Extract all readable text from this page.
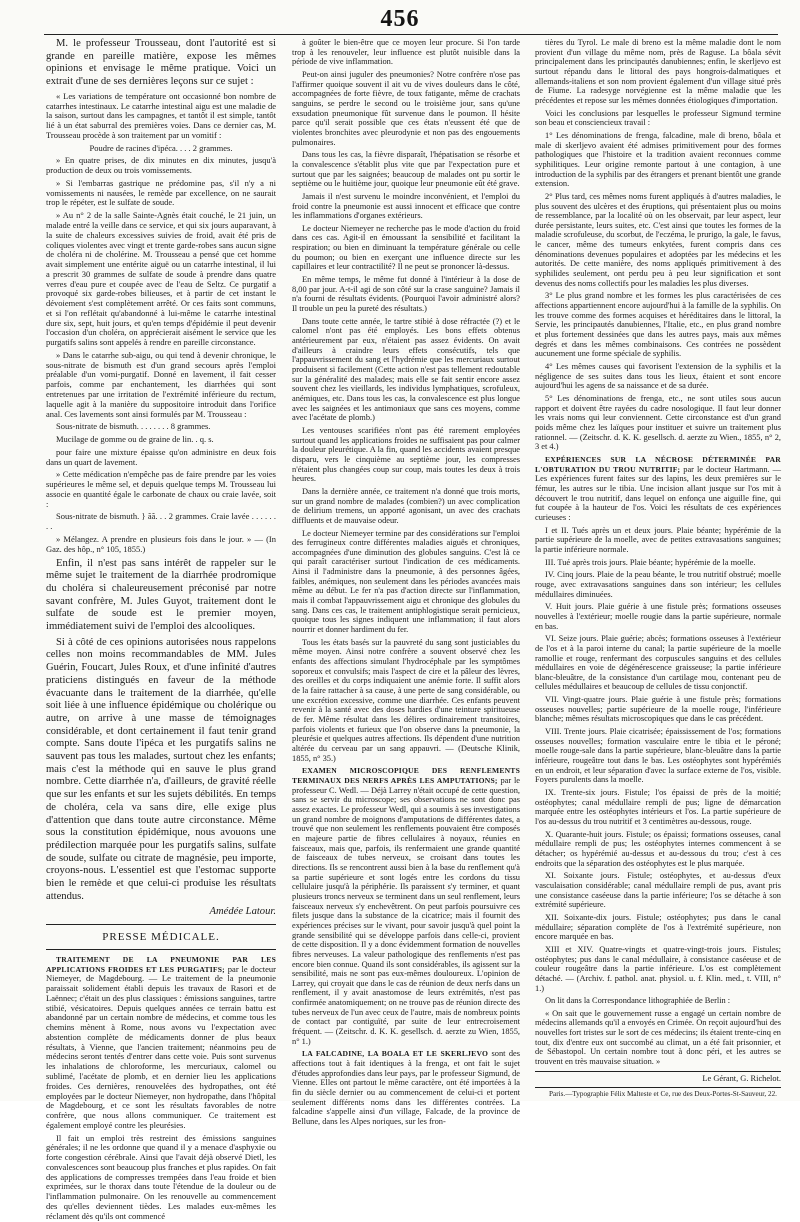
456

M. le professeur Trousseau, dont l'autorité est si grande en pareille matière, expose les mêmes opinions et envisage le même pratique. Voici un extrait d'une de ses dernières leçons sur ce sujet :

« Les variations de température ont occasionné bon nombre de catarrhes intestinaux. Le catarrhe intestinal aigu est une maladie de la saison, surtout dans les campagnes, et tantôt il est simple, tantôt lié à un état saburral des premières voies. Dans ce dernier cas, M. Trousseau procède à son traitement par un vomitif :

Poudre de racines d'ipéca. . . . 2 grammes.

» En quatre prises, de dix minutes en dix minutes, jusqu'à production de deux ou trois vomissements.

» Si l'embarras gastrique ne prédomine pas, s'il n'y a ni vomissements ni nausées, le remède par excellence, on ne saurait trop le répéter, est le sulfate de soude.

» Au n° 2 de la salle Sainte-Agnès était couché, le 21 juin, un malade entré la veille dans ce service, et qui six jours auparavant, à la suite de chaleurs excessives suivies de froid, avait été pris de coliques violentes avec vingt et trente garde-robes sans aucun signe de choléra ni de cholérine. M. Trousseau a pensé que cet homme avait simplement une entérite aiguë ou un catarrhe intestinal, il lui a prescrit 30 grammes de sulfate de soude à prendre dans quatre verres d'eau pure et coupée avec de l'eau de Seltz. Ce purgatif a provoqué six garde-robes bilieuses, et à partir de cet instant le dévoiement s'est complètement arrêté. Or ces faits sont communs, et si l'on reflétait qu'abandonné à lui-même le catarrhe intestinal dure six, sept, huit jours, et qu'en temps d'épidémie il peut devenir l'occasion d'un choléra, on apprécierait aisément le service que les purgatifs salins sont appelés à rendre en pareille circonstance.

» Dans le catarrhe sub-aigu, ou qui tend à devenir chronique, le sous-nitrate de bismuth est d'un grand secours après l'emploi préalable d'un vomi-purgatif. Donné en lavement, il fait cesser parfois, comme par enchantement, les diarrhées qui sont entretenues par une irritation de l'extrémité inférieure du rectum, laquelle agit à la manière du suppositoire introduit dans l'orifice anal. Ces lavements sont ainsi formulés par M. Trousseau :

Sous-nitrate de bismuth. . . . . . . . 8 grammes.

Mucilage de gomme ou de graine de lin. . q. s.

pour faire une mixture épaisse qu'on administre en deux fois dans un quart de lavement.

» Cette médication n'empêche pas de faire prendre par les voies supérieures le même sel, et depuis quelque temps M. Trousseau lui associe en quantité égale le carbonate de chaux ou craie lavée, soit :

Sous-nitrate de bismuth. } ãã. . . 2 grammes. Craie lavée . . . . . . . .

» Mélangez. A prendre en plusieurs fois dans le jour. » — (In Gaz. des hôp., n° 105, 1855.)

Enfin, il n'est pas sans intérêt de rappeler sur le même sujet le traitement de la diarrhée prodromique du choléra si chaleureusement préconisé par notre savant confrère, M. Jules Guyot, traitement dont le sulfate de soude est le premier moyen, immédiatement suivi de l'emploi des alcooliques.

Si à côté de ces opinions autorisées nous rappelons celles non moins recommandables de MM. Jules Guérin, Foucart, Jules Roux, et d'une infinité d'autres praticiens distingués en faveur de la méthode évacuante dans le traitement de la diarrhée, qu'elle soit liée à une influence épidémique ou cholérique ou autre, on arrive à une masse de témoignages considérable, et dont certainement il faut tenir grand compte. Sans doute l'ipéca et les purgatifs salins ne sauvent pas tous les malades, surtout chez les enfants; mais c'est la méthode qui en sauve le plus grand nombre. Cette diarrhée n'a, d'ailleurs, de gravité réelle que sur les enfants et sur les sujets débilités. En temps de choléra, cela va sans dire, elle exige plus d'attention que dans toute autre circonstance. Même sous la constitution épidémique, nous avouons une prédilection marquée pour les purgatifs salins, sulfate de soude, sulfate ou citrate de magnésie, peu importe, croyons-nous. L'essentiel est que l'estomac supporte bien le remède et que celui-ci produise les résultats attendus.

Amédée Latour.

PRESSE MÉDICALE.

TRAITEMENT DE LA PNEUMONIE PAR LES APPLICATIONS FROIDES ET LES PURGATIFS; par le docteur Niemeyer, de Magdebourg. — Le traitement de la pneumonie paraissait solidement établi depuis les travaux de Rasori et de Laënnec; c'était un des plus classiques : émissions sanguines, tartre stibié, vésicatoires. Depuis quelques années ce terrain battu est abandonné par un certain nombre de médecins, et comme tous les chemins mènent à Rome, nous avons vu l'expectation avec abstention complète de médicaments donner de plus beaux résultats, à Vienne, que l'ancien traitement; néanmoins peu de médecins seront tentés d'entrer dans cette voie. Puis sont survenus les inhalations de chloroforme, les mercuriaux, calomel ou sublimé, l'acétate de plomb, et en dernier lieu les applications froides. Ces dernières, renouvelées des hydropathes, ont été employées par le docteur Niemeyer, non hydropathe, dans l'hôpital de Magdebourg, et ce sont les résultats favorables de notre confrère, que nous allons communiquer. Ce traitement est également employé contre les pleurésies.

Il fait un emploi très restreint des émissions sanguines générales; il ne les ordonne que quand il y a menace d'asphyxie ou forte congestion cérébrale. Ainsi que l'avait déjà observé Dietl, les convalescences sont beaucoup plus franches et plus rapides. On fait des applications de compresses trempées dans l'eau froide et bien exprimées, sur le thorax dans toute l'étendue de la douleur ou de l'inflammation pulmonaire. On les renouvelle au commencement des qu'elles deviennent tièdes. Les malades eux-mêmes les réclament dès qu'ils ont commencé

à goûter le bien-être que ce moyen leur procure. Si l'on tarde trop à les renouveler, leur influence est plutôt nuisible dans la période de vive inflammation.

Peut-on ainsi juguler des pneumonies? Notre confrère n'ose pas l'affirmer quoique souvent il ait vu de vives douleurs dans le côté, accompagnées de forte fièvre, de toux fatigante, même de crachats sanguins, se perdre le second ou le troisième jour, sans qu'une exsudation pneumonique fût survenue dans le poumon. Il hésite parce qu'il serait possible que ces états n'eussent été que de violentes bronchites avec pleurodynie et non pas des engouements pulmonaires.

Dans tous les cas, la fièvre disparaît, l'hépatisation se résorbe et la convalescence s'établit plus vite que par l'expectation pure et surtout que par les saignées; beaucoup de malades ont pu sortir le septième ou le huitième jour, quoique leur pneumonie eût été grave.

Jamais il n'est survenu le moindre inconvénient, et l'emploi du froid contre la pneumonie est aussi innocent et efficace que contre les inflammations d'organes extérieurs.

Le docteur Niemeyer ne recherche pas le mode d'action du froid dans ces cas. Agit-il en émoussant la sensibilité et facilitant la respiration; ou bien en diminuant la température générale ou celle du poumon; ou bien en exerçant une influence directe sur les capillaires et leur contractilité? Il ne peut se prononcer là-dessus.

En même temps, le même fut donné à l'intérieur à la dose de 8,00 par jour. A-t-il agi de son côté sur la crase sanguine? Jamais il n'a fourni de résultats évidents. (Pourquoi l'avoir administré alors? Il trouble un peu la pureté des résultats.)

Dans toute cette année, le tartre stibié à dose réfractée (?) et le calomel n'ont pas été employés. Les bons effets obtenus antérieurement par eux, n'étaient pas assez évidents. On avait d'ailleurs à craindre leurs effets consécutifs, tels que l'appauvrissement du sang et l'hydrémie que les mercuriaux surtout produisent si facilement (Cette action n'est pas tellement redoutable sur la généralité des malades; mais elle se fait sentir encore assez souvent chez les vieillards, les individus lymphatiques, scrofuleux, anémiques, etc. Dans tous les cas, la convalescence est plus longue avec les saignées et les antimoniaux que sans ces moyens, comme avec l'acétate de plomb.)

Les ventouses scarifiées n'ont pas été rarement employées surtout quand les applications froides ne suffisaient pas pour calmer la douleur pleurétique. A la fin, quand les accidents avaient presque disparu, vers le cinquième au septième jour, les compresses n'étaient plus changées coup sur coup, mais toutes les deux à trois heures.

Dans la dernière année, ce traitement n'a donné que trois morts, sur un grand nombre de malades (combien?) un avec complication de delirium tremens, un apporté agonisant, un avec des crachats diffluents et de mauvaise odeur.

Le docteur Niemeyer termine par des considérations sur l'emploi des ferrugineux contre différentes maladies aiguës et chroniques, accompagnées d'une diminution des globules sanguins. C'est là ce qui paraît caractériser surtout l'indication de ces médicaments. Ainsi il l'administre dans la pneumonie, à des personnes âgées, faibles, anémiques, non seulement dans les périodes avancées mais même au début. Le fer n'a pas d'action directe sur l'inflammation, mais il combat l'appauvrissement aigu et chronique des globules du sang. Dans ces cas, le traitement antiphlogistique serait pernicieux, quoique tous les signes indiquent une inflammation; il faut alors nourrir et donner hardiment du fer.

Tous les états basés sur la pauvreté du sang sont justiciables du même moyen. Ainsi notre confrère a souvent observé chez les enfants des affections simulant l'hydrocéphale par les symptômes soporeux et convulsifs; mais l'aspect de cire et la pâleur des lèvres, des oreilles et du corps indiquaient une anémie forte. Il suffit alors de la faire rattacher à sa cause, à une perte de sang considérable, ou une excrétion excessive, comme une diarrhée. Ces enfants peuvent revenir à la santé avec des doses hardies d'une teinture spiritueuse de fer. Même résultat dans les délires ordinairement transitoires, parfois violents et furieux que l'on observe dans la pneumonie, la pleurésie et quelques autres affections. Ils dépendent d'une nutrition altérée du cerveau par un sang appauvri. — (Deutsche Klinik, 1855, n° 35.)

EXAMEN MICROSCOPIQUE DES RENFLEMENTS TERMINAUX DES NERFS APRÈS LES AMPUTATIONS; par le professeur C. Wedl. — Déjà Larrey n'était occupé de cette question, sans se servir du microscope; ses observations ne sont donc pas assez exactes. Le professeur Wedl, qui a soumis à ses investigations un grand nombre de moignons d'amputations de différentes dates, a trouvé que non seulement les renflements pouvaient être composés en majeure partie de fibres cellulaires à noyaux, réunies en faisceaux, mais que, parfois, ils renfermaient une grande quantité de faisceaux de tubes nerveux, se croisant dans toutes les directions. Ils se rencontrent aussi bien à la base du renflement qu'à sa partie supérieure et sont logés entre les cordons du tissu cellulaire jusqu'à la périphérie. Ils paraissent s'y terminer, et quant plusieurs troncs nerveux se terminent dans un seul renflement, leurs faisceaux nerveux s'y enchevêtrent. On peut parfois poursuivre ces filets jusque dans la substance de la cicatrice; mais il fournit des expériences précises sur le vivant, pour savoir jusqu'à quel point la grande sensibilité qui se développe parfois dans celle-ci, provient de cette disposition. Il y a donc évidemment formation de nouvelles fibres nerveuses. La valeur pathologique des renflements n'est pas encore bien connue. Quand ils sont considérables, ils agissent sur la sensibilité, mais ne sont pas eux-mêmes douloureux. L'opinion de Larrey, qui croyait que dans le cas de réunion de deux nerfs dans un renflement, il y avait anastomose de leurs extrémités, n'est pas confirmée anatomiquement; on ne trouve pas de réunion directe des tubes nerveux de l'un avec ceux de l'autre, mais de nombreux points de contact par contiguïté, par suite de leur entrecroisement fréquent. — (Zeitschr. d. K. K. gesellsch. d. aerzte zu Wien, 1855, n° 1.)

LA FALCADINE, LA BOALA ET LE SKERLJEVO sont des affections tout à fait identiques à la frenga, et ont fait le sujet d'études approfondies dans leur pays, par le professeur Sigmund, de Vienne. Elles ont partout le même caractère, ont été importées à la fin du siècle dernier ou au commencement de celui-ci et portent seulement différents noms dans les différentes contrées. La falcadine s'appelle ainsi d'un village, Falcade, de la province de Bellune, dans les Alpes noriques, sur les fron-

tières du Tyrol. Le male di breno est la même maladie dont le nom provient d'un village du même nom, près de Raguse. La bôala sévit principalement dans les principautés danubiennes; enfin, le skerljevo est surtout répandu dans le littoral des pays hongrois-dalmatiques et allemands-italiens et son nom provient également d'un village situé près de Fiume. La radesyge norvégienne est la même maladie que les précédentes et repose sur les mêmes données étiologiques d'importation.

Voici les conclusions par lesquelles le professeur Sigmund termine son beau et consciencieux travail :

1° Les dénominations de frenga, falcadine, male di breno, bôala et male di skerljevo avaient été admises primitivement pour des formes pathologiques que l'histoire et la tradition avaient reconnues comme syphilitiques. Leur origine remonte partout à une contagion, à une introduction de la syphilis par des étrangers et prenant bientôt une grande extension.

2° Plus tard, ces mêmes noms furent appliqués à d'autres maladies, le plus souvent des ulcères et des éruptions, qui présentaient plus ou moins de ressemblance, par la localité où on les observait, par leur aspect, leur durée persistante, leurs suites, etc. C'est ainsi que toutes les formes de la maladie scrofuleuse, du scorbut, de l'eczéma, le prurigo, la gale, le favus, le cancer, même des tumeurs enkytées, furent compris dans ces dénominations devenues populaires et adoptées par les médecins et les autorités. De cette manière, des noms appliqués primitivement à des syphilides seulement, ont perdu peu à peu leur signification et sont devenus des noms collectifs pour les maladies les plus diverses.

3° Le plus grand nombre et les formes les plus caractérisées de ces affections appartiennent encore aujourd'hui à la famille de la syphilis. On les trouve comme des formes acquises et héréditaires dans le littoral, la Servie, les principautés danubiennes, l'Italie, etc., en plus grand nombre et plus fortement dessinées que dans les autres pays, mais aux mêmes degrés et dans les mêmes combinaisons. Ces contrées ne possèdent aucunement une forme spéciale de syphilis.

4° Les mêmes causes qui favorisent l'extension de la syphilis et la négligence de ses suites dans tous les lieux, étaient et sont encore aujourd'hui les agens de sa naissance et de sa durée.

5° Les dénominations de frenga, etc., ne sont utiles sous aucun rapport et doivent être rayées du cadre nosologique. Il faut leur donner les vrais noms qui leur conviennent. Cette circonstance est d'un grand poids même chez les laïques pour instituer et suivre un traitement plus rationnel. — (Zeitschr. d. K. K. gesellsch. d. aerzte zu Wien., 1855, n° 2, 3 et 4.)

EXPÉRIENCES SUR LA NÉCROSE DÉTERMINÉE PAR L'OBTURATION DU TROU NUTRITIF; par le docteur Hartmann. — Les expériences furent faites sur des lapins, les deux premières sur le fémur, les autres sur le tibia. Une incision allant jusque sur l'os mit à découvert le trou nutritif, dans lequel on enfonça une aiguille fine, qui fut coupée à la hauteur de l'os. Voici les résultats de ces expériences curieuses :

I et II. Tués après un et deux jours. Plaie béante; hypérémie de la partie supérieure de la moelle, avec de petites extravasations sanguines; la partie inférieure normale.

III. Tué après trois jours. Plaie béante; hypérémie de la moelle.

IV. Cinq jours. Plaie de la peau béante, le trou nutritif obstrué; moelle rouge, avec extravasations sanguines dans son intérieur; les cellules médullaires diminuées.

V. Huit jours. Plaie guérie à une fistule près; formations osseuses nouvelles à l'extérieur; moelle rougie dans la partie supérieure, normale en bas.

VI. Seize jours. Plaie guérie; abcès; formations osseuses à l'extérieur de l'os et à la paroi interne du canal; la partie supérieure de la moelle ramollie et rouge, renfermant des corpuscules sanguins et des cellules médullaires en voie de dégénérescence graisseuse; la partie inférieure blanc-bleuâtre, de la consistance d'un cartilage mou, contenant peu de cellules médullaires et beaucoup de cellules de tissu conjonctif.

VII. Vingt-quatre jours. Plaie guérie à une fistule près; formations osseuses nouvelles; partie supérieure de la moelle rouge, l'inférieure blanche; mêmes résultats microscopiques que dans le cas précédent.

VIII. Trente jours. Plaie cicatrisée; épaississement de l'os; formations osseuses nouvelles; formation vasculaire entre le tibia et le péroné; moelle rouge-sale dans la partie supérieure, blanc-bleuâtre dans la partie inférieure, rougeâtre tout dans le bas. Les ostéophytes sont hypérémiés en un endroit, et leur séparation d'avec la surface externe de l'os, visible. Foyers purulents dans la moelle.

IX. Trente-six jours. Fistule; l'os épaissi de près de la moitié; ostéophytes; canal médullaire rempli de pus; ligne de démarcation marquée entre les ostéophytes intérieurs et l'os. La partie supérieure de l'os au-dessus du trou nutritif et 3 centimètres au-dessous, rouge.

X. Quarante-huit jours. Fistule; os épaissi; formations osseuses, canal médullaire rempli de pus; les ostéophytes internes commencent à se détacher; os hypérémié au-dessus et au-dessous du trou; c'est à ces endroits que la séparation des ostéophytes est le plus marquée.

XI. Soixante jours. Fistule; ostéophytes, et au-dessus d'eux vasculaisation considérable; canal médullaire rempli de pus, avant pris une consistance caséeuse dans la partie inférieure; l'os se détache à son extrémité supérieure.

XII. Soixante-dix jours. Fistule; ostéophytes; pus dans le canal médullaire; séparation complète de l'os à l'extrémité supérieure, non encore marquée en bas.

XIII et XIV. Quatre-vingts et quatre-vingt-trois jours. Fistules; ostéophytes; pus dans le canal médullaire, à consistance caséeuse et de couleur rougeâtre dans la partie inférieure. L'os est complètement détaché. — (Archiv. f. pathol. anat. physiol. u. f. Klin. med., t. VIII, n° 1.)

On lit dans la Correspondance lithographiée de Berlin :

« On sait que le gouvernement russe a engagé un certain nombre de médecins allemands qu'il a envoyés en Crimée. On reçoit aujourd'hui des nouvelles fort tristes sur le sort de ces médecins; ils étaient trente-cinq en tout, dix d'entre eux ont succombé au climat, un a été fait prisonnier, et de Sébastopol. Un certain nombre tout à donc péri, et les autres se trouvent en très mauvaise situation. »

Le Gérant, G. Richelot.

Paris.—Typographie Félix Malteste et Ce, rue des Deux-Portes-St-Sauveur, 22.
